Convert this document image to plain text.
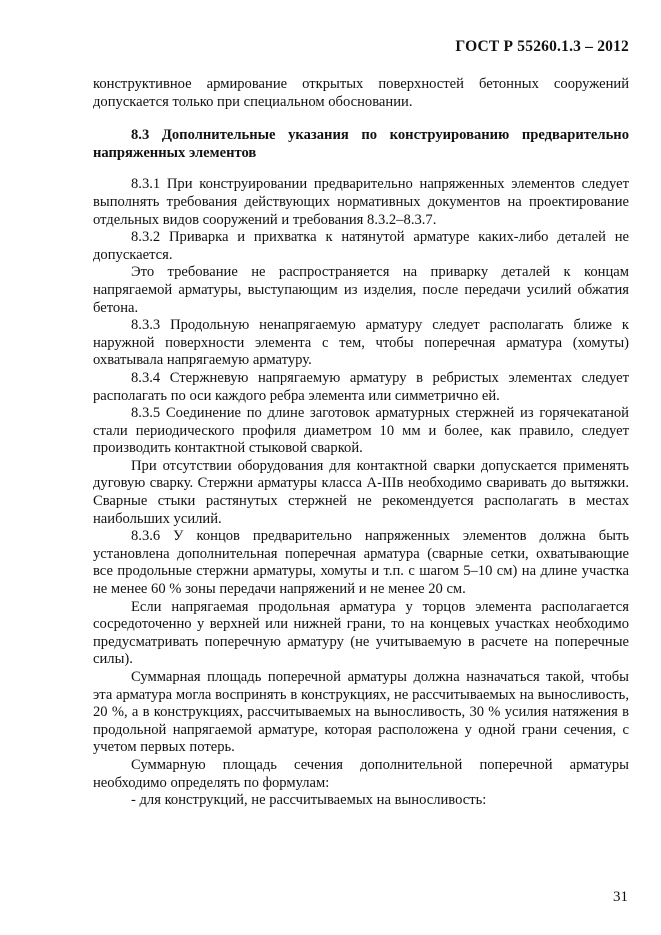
ГОСТ Р 55260.1.3 – 2012

конструктивное армирование открытых поверхностей бетонных сооружений допускается только при специальном обосновании.

8.3 Дополнительные указания по конструированию предварительно напряженных элементов

8.3.1 При конструировании предварительно напряженных элементов следует выполнять требования действующих нормативных документов на проектирование отдельных видов сооружений и требования 8.3.2–8.3.7.

8.3.2 Приварка и прихватка к натянутой арматуре каких-либо деталей не допускается.

Это требование не распространяется на приварку деталей к концам напрягаемой арматуры, выступающим из изделия, после передачи усилий обжатия бетона.

8.3.3 Продольную ненапрягаемую арматуру следует располагать ближе к наружной поверхности элемента с тем, чтобы поперечная арматура (хомуты) охватывала напрягаемую арматуру.

8.3.4 Стержневую напрягаемую арматуру в ребристых элементах следует располагать по оси каждого ребра элемента или симметрично ей.

8.3.5 Соединение по длине заготовок арматурных стержней из горячекатаной стали периодического профиля диаметром 10 мм и более, как правило, следует производить контактной стыковой сваркой.

При отсутствии оборудования для контактной сварки допускается применять дуговую сварку. Стержни арматуры класса А-IIIв необходимо сваривать до вытяжки. Сварные стыки растянутых стержней не рекомендуется располагать в местах наибольших усилий.

8.3.6 У концов предварительно напряженных элементов должна быть установлена дополнительная поперечная арматура (сварные сетки, охватывающие все продольные стержни арматуры, хомуты и т.п. с шагом 5–10 см) на длине участка не менее 60 % зоны передачи напряжений и не менее 20 см.

Если напрягаемая продольная арматура у торцов элемента располагается сосредоточенно у верхней или нижней грани, то на концевых участках необходимо предусматривать поперечную арматуру (не учитываемую в расчете на поперечные силы).

Суммарная площадь поперечной арматуры должна назначаться такой, чтобы эта арматура могла воспринять в конструкциях, не рассчитываемых на выносливость, 20 %, а в конструкциях, рассчитываемых на выносливость, 30 % усилия натяжения в продольной напрягаемой арматуре, которая расположена у одной грани сечения, с учетом первых потерь.

Суммарную площадь сечения дополнительной поперечной арматуры необходимо определять по формулам:

- для конструкций, не рассчитываемых на выносливость:

31
